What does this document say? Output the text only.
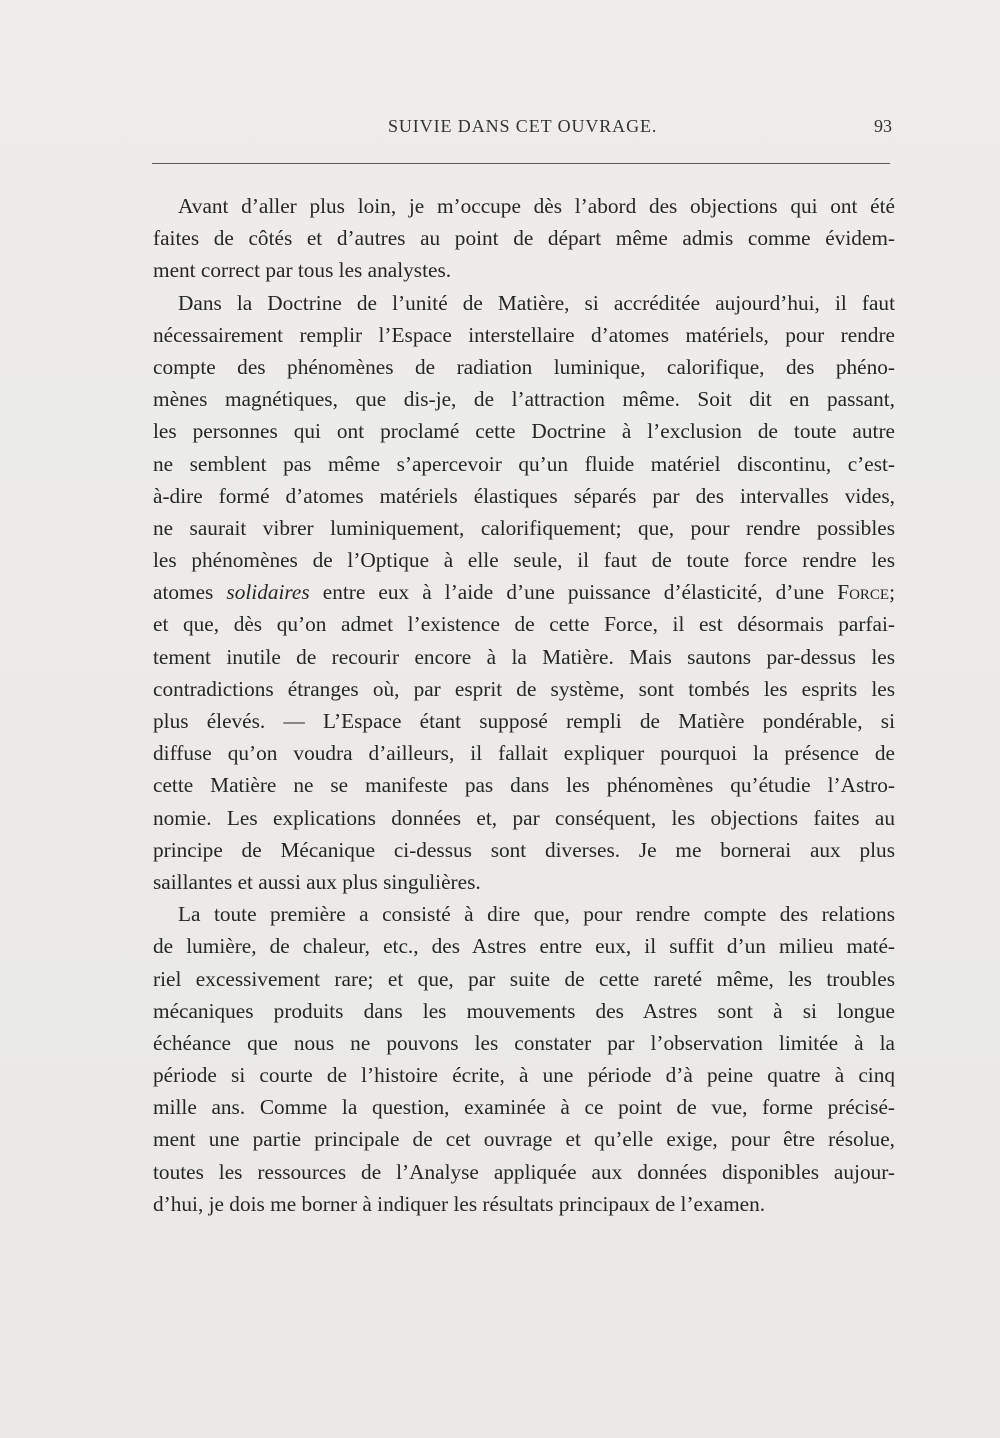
SUIVIE DANS CET OUVRAGE.	93
Avant d’aller plus loin, je m’occupe dès l’abord des objections qui ont été
faites de côtés et d’autres au point de départ même admis comme évidem-
ment correct par tous les analystes.
Dans la Doctrine de l’unité de Matière, si accréditée aujourd’hui, il faut
nécessairement remplir l’Espace interstellaire d’atomes matériels, pour rendre
compte des phénomènes de radiation luminique, calorifique, des phéno-
mènes magnétiques, que dis-je, de l’attraction même. Soit dit en passant,
les personnes qui ont proclamé cette Doctrine à l’exclusion de toute autre
ne semblent pas même s’apercevoir qu’un fluide matériel discontinu, c’est-
à-dire formé d’atomes matériels élastiques séparés par des intervalles vides,
ne saurait vibrer luminiquement, calorifiquement; que, pour rendre possibles
les phénomènes de l’Optique à elle seule, il faut de toute force rendre les
atomes solidaires entre eux à l’aide d’une puissance d’élasticité, d’une Force;
et que, dès qu’on admet l’existence de cette Force, il est désormais parfai-
tement inutile de recourir encore à la Matière. Mais sautons par-dessus les
contradictions étranges où, par esprit de système, sont tombés les esprits les
plus élevés. — L’Espace étant supposé rempli de Matière pondérable, si
diffuse qu’on voudra d’ailleurs, il fallait expliquer pourquoi la présence de
cette Matière ne se manifeste pas dans les phénomènes qu’étudie l’Astro-
nomie. Les explications données et, par conséquent, les objections faites au
principe de Mécanique ci-dessus sont diverses. Je me bornerai aux plus
saillantes et aussi aux plus singulières.
La toute première a consisté à dire que, pour rendre compte des relations
de lumière, de chaleur, etc., des Astres entre eux, il suffit d’un milieu maté-
riel excessivement rare; et que, par suite de cette rareté même, les troubles
mécaniques produits dans les mouvements des Astres sont à si longue
échéance que nous ne pouvons les constater par l’observation limitée à la
période si courte de l’histoire écrite, à une période d’à peine quatre à cinq
mille ans. Comme la question, examinée à ce point de vue, forme précisé-
ment une partie principale de cet ouvrage et qu’elle exige, pour être résolue,
toutes les ressources de l’Analyse appliquée aux données disponibles aujour-
d’hui, je dois me borner à indiquer les résultats principaux de l’examen.
